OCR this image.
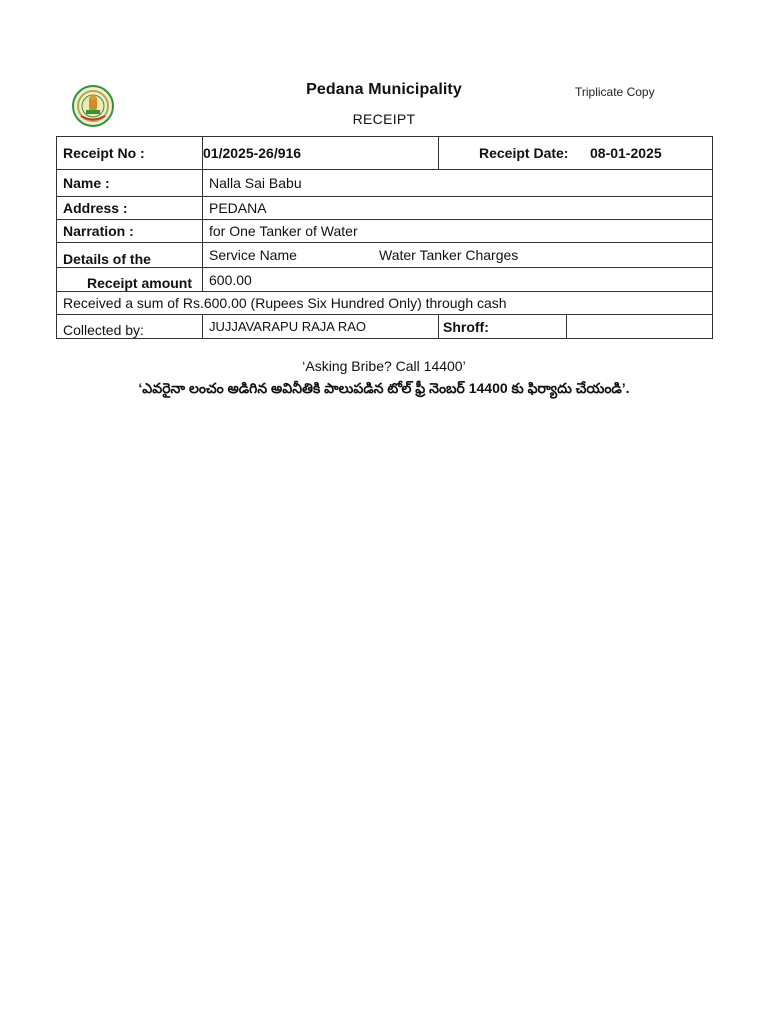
Pedana Municipality	Triplicate Copy
RECEIPT
Receipt No :	01/2025-26/916	Receipt Date: 08-01-2025	

Name :	Nalla Sai Babu		
Address :	PEDANA		
Narration :	for One Tanker of Water		
Details of the	Service Name Water Tanker Charges		
Receipt amount	600.00		
Received a sum of Rs.600.00 (Rupees Six Hundred Only) through cash			
Collected by:	JUJJAVARAPU RAJA RAO	Shroff:	
‘Asking Bribe? Call 14400’
‘ఎవరైనా లంచం అడిగిన అవినీతికి పాలుపడిన టోల్ ఫ్రీ నెంబర్ 14400 కు ఫిర్యాదు చేయండి’.
